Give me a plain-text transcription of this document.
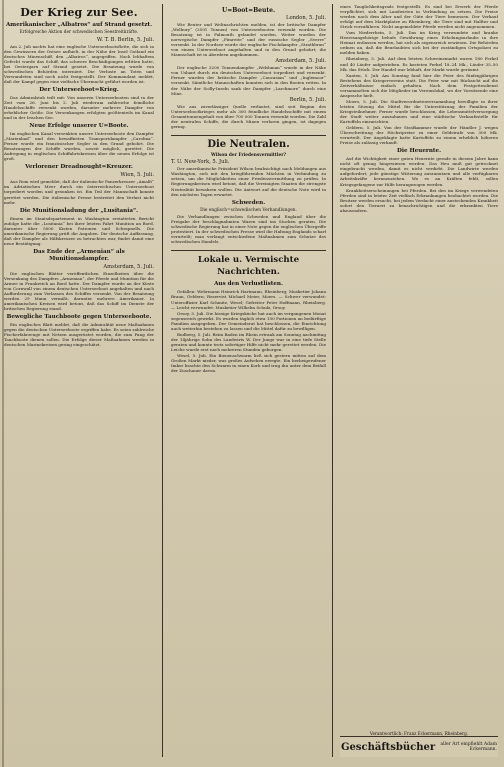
Der Krieg zur See.
Amerikanischer „Albatros“ auf Strand gesetzt.
Erfolgreiche Aktion der schwedischen Seestreitkräfte.
W. T. B. Berlin, 5. Juli.

Am 2. Juli nachts hat eine englische Unterseebootsflotte, die sich in den Gewässern der Ostsee aufhielt, in der Nähe der Insel Gotland ein deutsches Minenschiff, den „Albatros“, angegriffen. Nach lebhaftem Gefecht wurde das Schiff, das schwere Beschädigungen erlitten hatte, bei Oestergarn auf Strand gesetzt. Die Besatzung wurde von schwedischen Behörden interniert. Die Verluste an Toten und Verwundeten sind noch nicht festgestellt. Der Kommandant meldet, daß der Kampf gegen eine vielfache Übermacht geführt worden ist.

Der Unterseeboot=Krieg.

Das Admiralstab teilt mit: Von unseren Unterseebooten sind in der Zeit vom 26. Juni bis 2. Juli wiederum zahlreiche feindliche Handelsschiffe versenkt worden, darunter mehrere Dampfer von erheblicher Größe. Die Versenkungen erfolgten größtenteils im Kanal und in der Irischen See.

Neue Erfolge unserer U=Boote.

Im englischen Kanal versenkten unsere Unterseeboote den Dampfer „Marienbad“ und den bewaffneten Transportdampfer „Carolina“. Ferner wurde ein französischer Segler in den Grund gebohrt. Die Besatzungen der Schiffe wurden, soweit möglich, gerettet. Die Aufregung in englischen Schiffahrtskreisen über die neuen Erfolge ist groß.

Verlorener Dreadnought=Kreuzer.
Wien, 5. Juli.

Aus Rom wird gemeldet, daß der italienische Panzerkreuzer „Amalfi“ im Adriatischen Meer durch ein österreichisches Unterseeboot torpediert worden und gesunken ist. Ein Teil der Mannschaft konnte gerettet werden. Die italienische Presse bestreitet den Verlust nicht mehr.

Die Munitionsladung der „Lusitania“.

Einem im Staatsdepartement in Washington erstatteten Bericht zufolge hatte die „Lusitania“ bei ihrer letzten Fahrt Munition an Bord, darunter über 5000 Kisten Patronen und Schrapnells. Die amerikanische Regierung prüft die Angaben. Die deutsche Auffassung, daß der Dampfer als Hilfskreuzer zu betrachten war, findet damit eine neue Bestätigung.

Das Ende der „Armenian“ als Munitionsdampfer.
Amsterdam, 5. Juli.

Die englischen Blätter veröffentlichen Einzelheiten über die Versenkung des Dampfers „Armenian“, der Pferde und Munition für die Armee in Frankreich an Bord hatte. Der Dampfer wurde an der Küste von Cornwall von einem deutschen Unterseeboot angehalten und nach Aufforderung zum Verlassen des Schiffes versenkt. Von der Besatzung werden 29 Mann vermißt, darunter mehrere Amerikaner. In amerikanischen Kreisen wird betont, daß das Schiff im Dienste der britischen Regierung stand.

Bewegliche Tauchboote gegen Unterseeboote.

Ein englisches Blatt meldet, daß die Admiralität neue Maßnahmen gegen die deutschen Unterseeboote ergriffen habe. Es seien zahlreiche Fischerfahrzeuge mit Netzen ausgerüstet worden, die zum Fang der Tauchboote dienen sollen. Die Erfolge dieser Maßnahmen werden in deutschen Marinekreisen gering eingeschätzt.

U=Boot=Beute.
London, 5. Juli.

Wie Reuter und Weltnachrichten melden, ist der britische Dampfer „Welbury“ (3591 Tonnen) von Unterseebooten versenkt worden. Die Besatzung ist in Falmouth gelandet worden. Weiter wurden der norwegische Dampfer „Fimreite“ und der russische Segler „Sverre“ versenkt. In der Nordsee wurde der englische Fischdampfer „Strathbran“ von einem Unterseeboot angehalten und in den Grund gebohrt; die Mannschaft ist in Aberdeen angekommen.

Amsterdam, 5. Juli.

Der englische 3200 Tonnendampfer „Welshman“ wurde in der Nähe von Ushant durch ein deutsches Unterseeboot torpediert und versenkt. Ferner wurden der britische Dampfer „Caucasian“ und „Inglemoor“ versenkt. Sämtliche Mannschaften konnten sich in den Booten retten. In der Nähe der Scilly-Inseln sank der Dampfer „Larchmore“ durch eine Mine.

Berlin, 5. Juli.

Wie aus zuverlässiger Quelle verlautet, sind seit Beginn des Unterseebootkrieges mehr als 300 feindliche Handelsschiffe mit einem Gesamttonnengehalt von über 700 000 Tonnen versenkt worden. Die Zahl der neutralen Schiffe, die durch Minen verloren gingen, ist dagegen gering.

Die Neutralen.
Wilson der Friedensvermittler?
T. U. New-York, 5. Juli.

Der amerikanische Präsident Wilson beabsichtigt nach Meldungen aus Washington, sich mit den kriegführenden Mächten in Verbindung zu setzen, um die Möglichkeiten einer Friedensvermittlung zu prüfen. In Regierungskreisen wird betont, daß die Vereinigten Staaten die strengste Neutralität bewahren wollen. Die Antwort auf die deutsche Note wird in den nächsten Tagen erwartet.

Schweden.
Die englisch=schwedischen Verhandlungen.

Die Verhandlungen zwischen Schweden und England über die Freigabe der beschlagnahmten Waren sind ins Stocken geraten. Die schwedische Regierung hat in einer Note gegen die englischen Übergriffe protestiert. In der schwedischen Presse wird die Haltung Englands scharf verurteilt; man verlangt entschiedene Maßnahmen zum Schutze des schwedischen Handels.

Lokale u. Vermischte Nachrichten.
Aus den Verlustlisten.

Gefallen: Wehrmann Heinrich Hartmann, Rheinberg; Musketier Johann Braun, Geldern; Reservist Michael Meier, Moers. — Schwer verwundet: Unteroffizier Karl Schmitz, Wesel; Gefreiter Peter Hoffmann, Rheinberg. — Leicht verwundet: Musketier Wilhelm Schulz, Orsoy.

Orsoy, 5. Juli. Die hiesige Kriegsküche hat auch im vergangenen Monat segensreich gewirkt. Es wurden täglich etwa 150 Portionen an bedürftige Familien ausgegeben. Der Gemeinderat hat beschlossen, die Einrichtung auch weiterhin bestehen zu lassen und die Mittel dafür zu bewilligen.

Budberg, 5. Juli. Beim Baden im Rhein ertrank am Sonntag nachmittag der 14jährige Sohn des Landwirts W. Der Junge war in eine tiefe Stelle geraten und konnte trotz sofortiger Hilfe nicht mehr gerettet werden. Die Leiche wurde erst nach mehreren Stunden geborgen.

Wesel, 5. Juli. Ein Bienenschwarm ließ sich gestern mitten auf dem Großen Markt nieder, was großes Aufsehen erregte. Ein herbeigerufener Imker brachte den Schwarm in einen Korb und trug ihn unter dem Beifall der Zuschauer davon.

eines Tauglichkeitsgrads festgestellt. Es sind bei Erwerb der Pferde verpflichtet, sich mit Landwirten in Verbindung zu setzen. Die Preise werden nach dem Alter und der Güte der Tiere bemessen. Der Verkauf erfolgt auf dem Marktplatze zu Rheinberg; die Tiere sind mit Halfter und Strick vorzuführen. Nicht angemeldete Pferde werden nicht angenommen.

Vom Niederrhein, 5. Juli. Das im Krieg verwundete und kranke Heeresangehörige behufs Gewährung eines Erholungsurlaubs in ihre Heimat entlassen werden, hat sich als segensreich erwiesen. Die Behörden ordnen an, daß die Beurlaubten sich bei der zuständigen Ortspolizei zu melden haben.

Rheinberg, 5. Juli. Auf dem letzten Schweinemarkt waren 180 Ferkel und 40 Läufer aufgetrieben. Es kosteten Ferkel 18–24 Mk., Läufer 35–50 Mk. das Stück. Der Handel war lebhaft, der Markt wurde geräumt.

Xanten, 5. Juli. Am Sonntag fand hier die Feier des fünfzigjährigen Bestehens des Kriegervereins statt. Die Feier war mit Rücksicht auf die Zeitverhältnisse einfach gehalten. Nach dem Festgottesdienst versammelten sich die Mitglieder im Vereinslokal, wo der Vorsitzende eine Ansprache hielt.

Moers, 5. Juli. Die Stadtverordnetenversammlung bewilligte in ihrer letzten Sitzung die Mittel für die Unterstützung der Familien der Kriegsteilnehmer. Ferner wurde beschlossen, die Lebensmittelversorgung der Stadt weiter auszubauen und eine städtische Verkaufsstelle für Kartoffeln einzurichten.

Geldern, 5. Juli. Von der Strafkammer wurde der Händler J. wegen Überschreitung der Höchstpreise zu einer Geldstrafe von 300 Mk. verurteilt. Der Angeklagte hatte Kartoffeln zu einem erheblich höheren Preise als zulässig verkauft.

Die Heuernte.

Auf die Wichtigkeit einer guten Heuernte gerade in diesem Jahre kann nicht oft genug hingewiesen werden. Das Heu muß gut getrocknet eingebracht werden, damit es nicht verdirbt. Die Landwirte werden aufgefordert, jede günstige Witterung auszunutzen und alle verfügbaren Arbeitskräfte heranzuziehen. Wo es an Kräften fehlt, sollen Kriegsgefangene zur Hilfe herangezogen werden.

Krankheitserscheinungen bei Pferden. Bei den im Kriege verwendeten Pferden sind in letzter Zeit vielfach Erkrankungen beobachtet worden. Die Besitzer werden ersucht, bei jedem Verdacht einer ansteckenden Krankheit sofort den Tierarzt zu benachrichtigen und die erkrankten Tiere abzusondern.

Verantwortlich: Franz Eckermann, Rheinberg.
Geschäftsbücher	aller Art empfiehlt Adam Eckermann.
